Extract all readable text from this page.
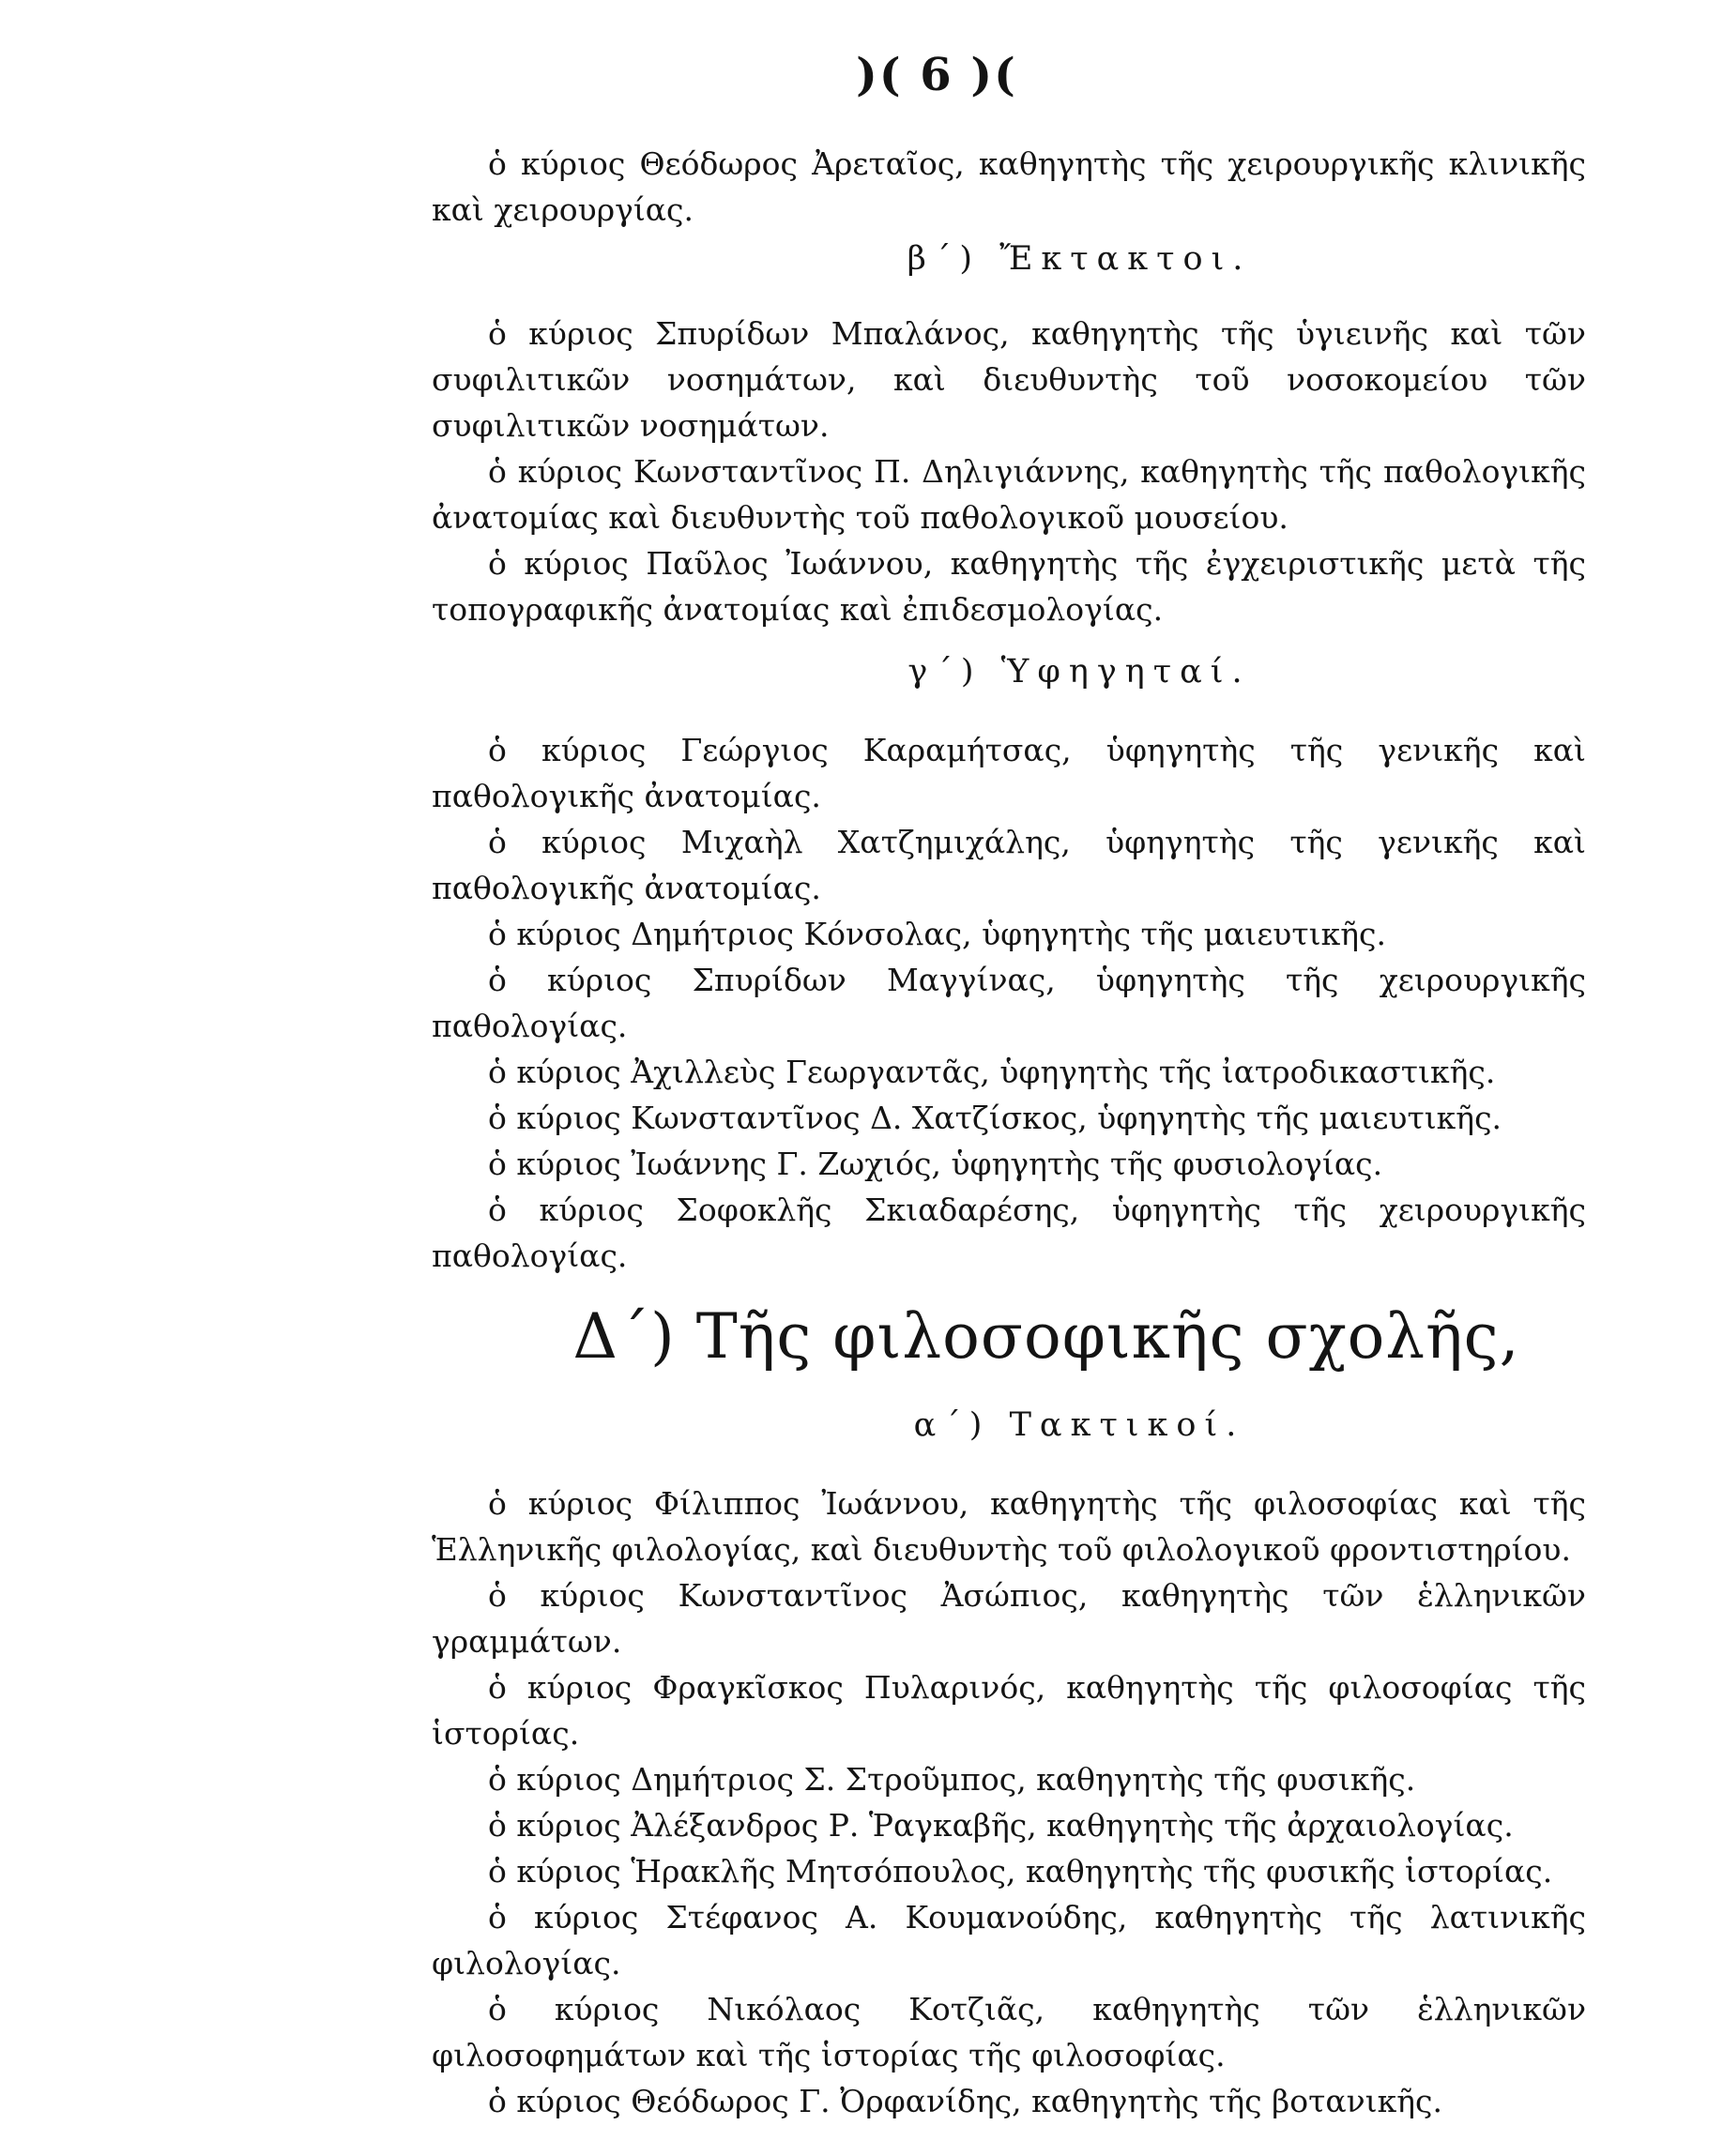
)( 6 )(

ὁ κύριος Θεόδωρος Ἀρεταῖος, καθηγητὴς τῆς χειρουργικῆς κλινικῆς καὶ χειρουργίας.

β΄) Ἔκτακτοι.

ὁ κύριος Σπυρίδων Μπαλάνος, καθηγητὴς τῆς ὑγιεινῆς καὶ τῶν συφιλιτικῶν νοσημάτων, καὶ διευθυντὴς τοῦ νοσοκομείου τῶν συφιλιτικῶν νοσημάτων.

ὁ κύριος Κωνσταντῖνος Π. Δηλιγιάννης, καθηγητὴς τῆς παθολογικῆς ἀνατομίας καὶ διευθυντὴς τοῦ παθολογικοῦ μουσείου.

ὁ κύριος Παῦλος Ἰωάννου, καθηγητὴς τῆς ἐγχειριστικῆς μετὰ τῆς τοπογραφικῆς ἀνατομίας καὶ ἐπιδεσμολογίας.

γ΄) Ὑφηγηταί.

ὁ κύριος Γεώργιος Καραμήτσας, ὑφηγητὴς τῆς γενικῆς καὶ παθολογικῆς ἀνατομίας.

ὁ κύριος Μιχαὴλ Χατζημιχάλης, ὑφηγητὴς τῆς γενικῆς καὶ παθολογικῆς ἀνατομίας.

ὁ κύριος Δημήτριος Κόνσολας, ὑφηγητὴς τῆς μαιευτικῆς.

ὁ κύριος Σπυρίδων Μαγγίνας, ὑφηγητὴς τῆς χειρουργικῆς παθολογίας.

ὁ κύριος Ἀχιλλεὺς Γεωργαντᾶς, ὑφηγητὴς τῆς ἰατροδικαστικῆς.

ὁ κύριος Κωνσταντῖνος Δ. Χατζίσκος, ὑφηγητὴς τῆς μαιευτικῆς.

ὁ κύριος Ἰωάννης Γ. Ζωχιός, ὑφηγητὴς τῆς φυσιολογίας.

ὁ κύριος Σοφοκλῆς Σκιαδαρέσης, ὑφηγητὴς τῆς χειρουργικῆς παθολογίας.

Δ΄) Τῆς φιλοσοφικῆς σχολῆς,
α΄) Τακτικοί.

ὁ κύριος Φίλιππος Ἰωάννου, καθηγητὴς τῆς φιλοσοφίας καὶ τῆς Ἑλληνικῆς φιλολογίας, καὶ διευθυντὴς τοῦ φιλολογικοῦ φροντιστηρίου.

ὁ κύριος Κωνσταντῖνος Ἀσώπιος, καθηγητὴς τῶν ἑλληνικῶν γραμμάτων.

ὁ κύριος Φραγκῖσκος Πυλαρινός, καθηγητὴς τῆς φιλοσοφίας τῆς ἱστορίας.

ὁ κύριος Δημήτριος Σ. Στροῦμπος, καθηγητὴς τῆς φυσικῆς.

ὁ κύριος Ἀλέξανδρος Ρ. Ῥαγκαβῆς, καθηγητὴς τῆς ἀρχαιολογίας.

ὁ κύριος Ἡρακλῆς Μητσόπουλος, καθηγητὴς τῆς φυσικῆς ἱστορίας.

ὁ κύριος Στέφανος Α. Κουμανούδης, καθηγητὴς τῆς λατινικῆς φιλολογίας.

ὁ κύριος Νικόλαος Κοτζιᾶς, καθηγητὴς τῶν ἑλληνικῶν φιλοσοφημάτων καὶ τῆς ἱστορίας τῆς φιλοσοφίας.

ὁ κύριος Θεόδωρος Γ. Ὀρφανίδης, καθηγητὴς τῆς βοτανικῆς.
